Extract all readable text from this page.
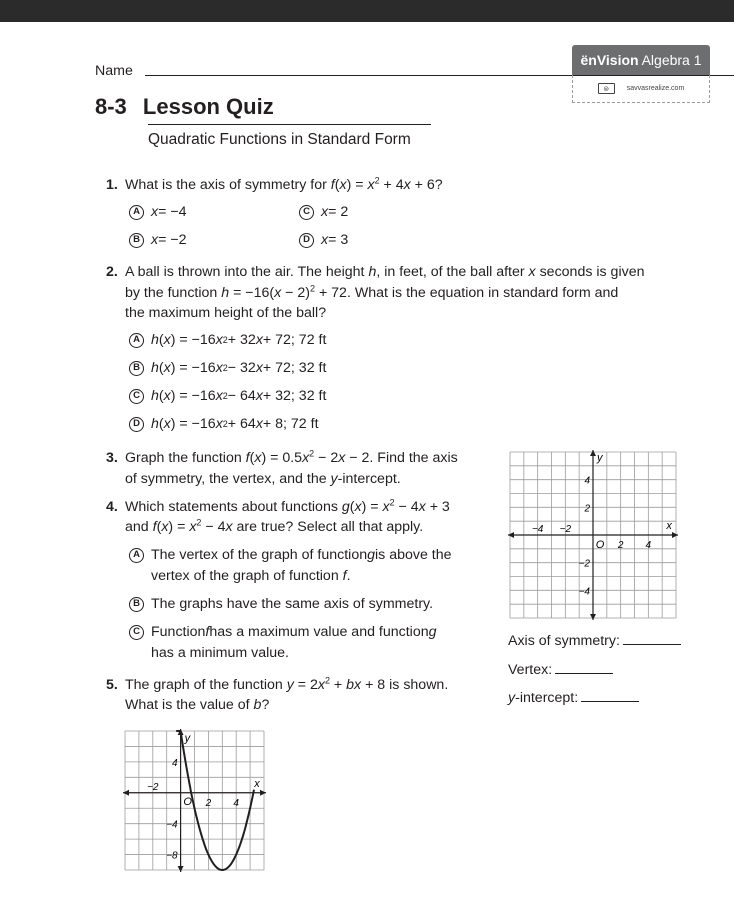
Name
ënVision Algebra 1
⊜	savvasrealize.com
8-3 Lesson Quiz
Quadratic Functions in Standard Form
1. What is the axis of symmetry for $f(x) = x^2 + 4x + 6$?
A x = −4
B x = −2
C x = 2
D x = 3
2. A ball is thrown into the air. The height h, in feet, of the ball after x seconds is given
by the function $h = -16(x - 2)^2 + 72$. What is the equation in standard form and
the maximum height of the ball?
A h ( x ) = −16 x 2 + 32 x + 72; 72 ft
B h ( x ) = −16 x 2 − 32 x + 72; 32 ft
C h ( x ) = −16 x 2 − 64 x + 32; 32 ft
D h ( x ) = −16 x 2 + 64 x + 8; 72 ft
3. Graph the function $f(x) = 0.5x^2 - 2x - 2$. Find the axis
of symmetry, the vertex, and the y-intercept.
4. Which statements about functions $g(x) = x^2 - 4x + 3$
and $f(x) = x^2 - 4x$ are true? Select all that apply.
A The vertex of the graph of function g is above the
vertex of the graph of function f.
B The graphs have the same axis of symmetry.
C Function f has a maximum value and function g
has a minimum value.
5. The graph of the function $y = 2x^2$ + bx + 8 is shown.
What is the value of b?
Axis of symmetry:
Vertex:
y-intercept:
−4 −2
2 4
4
2
−2
−4
O
x
y
−2
2 4
4
−4
−8
O
x
y
